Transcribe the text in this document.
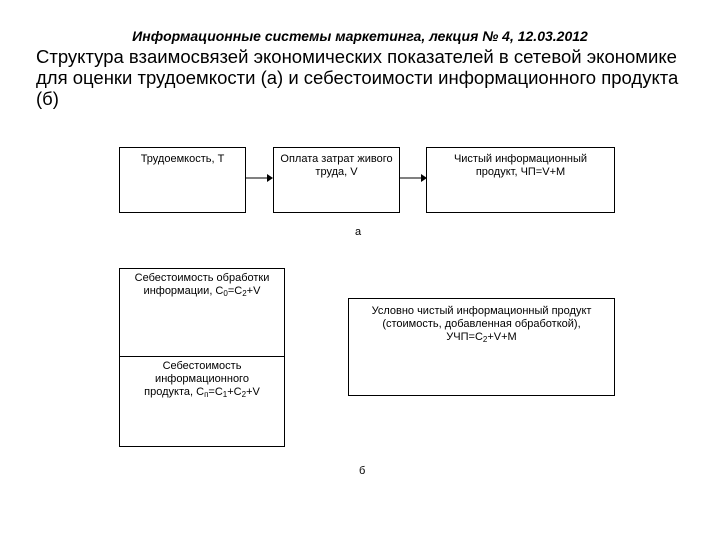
Информационные системы маркетинга, лекция № 4, 12.03.2012
Структура взаимосвязей экономических показателей в сетевой экономике для оценки трудоемкости (а) и себестоимости информационного продукта (б)
Трудоемкость, Т	Оплата затрат живого
труда, V
Чистый информационный
продукт, ЧП=V+M
а
Себестоимость обработки
информации, $С_0=С_2+V$
Себестоимость
информационного
продукта, $С_п=С_1+С_2+V$
Условно чистый информационный продукт
(стоимость, добавленная обработкой),
$УЧП=С_2+V+M$
б
